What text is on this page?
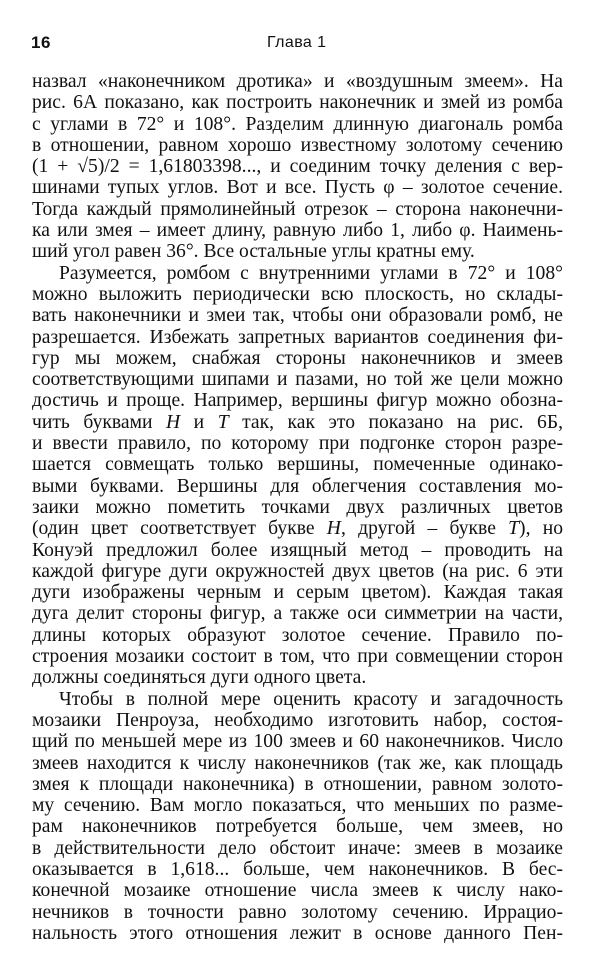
16	Глава 1
назвал «наконечником дротика» и «воздушным змеем». На
рис. 6А показано, как построить наконечник и змей из ромба
с углами в 72° и 108°. Разделим длинную диагональ ромба
в отношении, равном хорошо известному золотому сечению
(1 + √5)/2 = 1,61803398..., и соединим точку деления с вер-
шинами тупых углов. Вот и все. Пусть φ – золотое сечение.
Тогда каждый прямолинейный отрезок – сторона наконечни-
ка или змея – имеет длину, равную либо 1, либо φ. Наимень-
ший угол равен 36°. Все остальные углы кратны ему.
Разумеется, ромбом с внутренними углами в 72° и 108°
можно выложить периодически всю плоскость, но склады-
вать наконечники и змеи так, чтобы они образовали ромб, не
разрешается. Избежать запретных вариантов соединения фи-
гур мы можем, снабжая стороны наконечников и змеев
соответствующими шипами и пазами, но той же цели можно
достичь и проще. Например, вершины фигур можно обозна-
чить буквами H и T так, как это показано на рис. 6Б,
и ввести правило, по которому при подгонке сторон разре-
шается совмещать только вершины, помеченные одинако-
выми буквами. Вершины для облегчения составления мо-
заики можно пометить точками двух различных цветов
(один цвет соответствует букве H, другой – букве T), но
Конуэй предложил более изящный метод – проводить на
каждой фигуре дуги окружностей двух цветов (на рис. 6 эти
дуги изображены черным и серым цветом). Каждая такая
дуга делит стороны фигур, а также оси симметрии на части,
длины которых образуют золотое сечение. Правило по-
строения мозаики состоит в том, что при совмещении сторон
должны соединяться дуги одного цвета.
Чтобы в полной мере оценить красоту и загадочность
мозаики Пенроуза, необходимо изготовить набор, состоя-
щий по меньшей мере из 100 змеев и 60 наконечников. Число
змеев находится к числу наконечников (так же, как площадь
змея к площади наконечника) в отношении, равном золото-
му сечению. Вам могло показаться, что меньших по разме-
рам наконечников потребуется больше, чем змеев, но
в действительности дело обстоит иначе: змеев в мозаике
оказывается в 1,618... больше, чем наконечников. В бес-
конечной мозаике отношение числа змеев к числу нако-
нечников в точности равно золотому сечению. Иррацио-
нальность этого отношения лежит в основе данного Пен-
